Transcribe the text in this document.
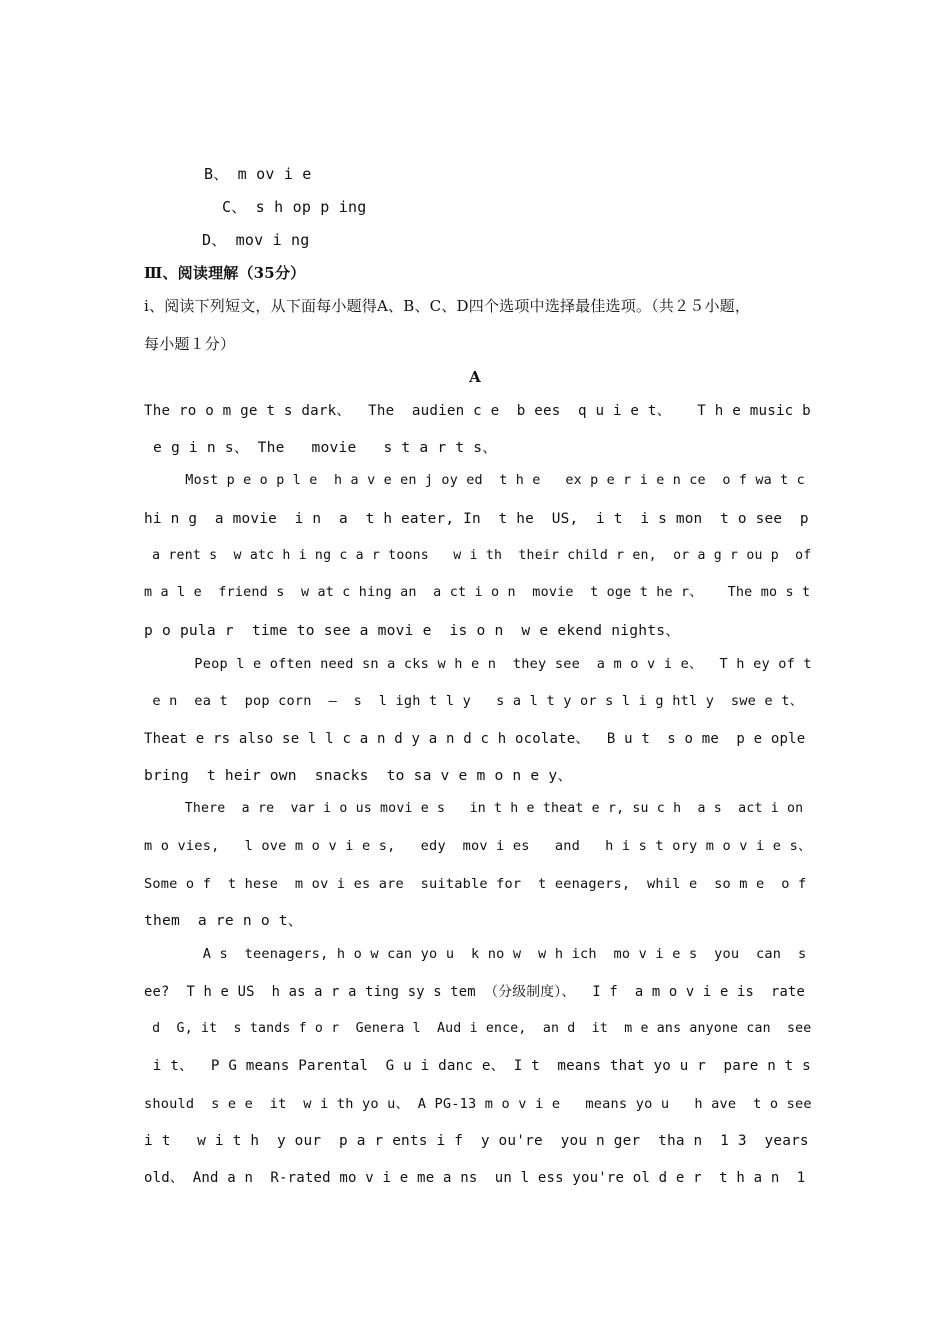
B、 m ov i e
C、 s h op p ing
D、 mov i ng
Ⅲ、阅读理解（35分）
ⅰ、阅读下列短文，从下面每小题得A、B、C、D四个选项中选择最佳选项。（共２５小题，
每小题１分）
A
The ro o m ge t s dark、  The  audien c e  b ees  q u i e t、   T h e music b
e g i n s、 The   movie   s t a r t s、
Most p e o p l e  h a v e en j oy ed  t h e   ex p e r i e n ce  o f wa t c
hi n g  a movie  i n  a  t h eater, In  t he  US,  i t  i s mon  t o see  p
a rent s  w atc h i ng c a r toons   w i th  their child r en,  or a g r ou p  of
m a l e  friend s  w at c hing an  a ct i o n  movie  t oge t he r、   The mo s t
p o pula r  time to see a movi e  is o n  w e ekend nights、
Peop l e often need sn a cks w h e n  they see  a m o v i e、  T h ey of t
e n  ea t  pop corn  —  s  l igh t l y   s a l t y or s l i g htl y  swe e t、
Theat e rs also se l l c a n d y a n d c h ocolate、  B u t  s o me  p e ople
bring  t heir own  snacks  to sa v e m o n e y、
There  a re  var i o us movi e s   in t h e theat e r, su c h  a s  act i on
m o vies,   l ove m o v i e s,   edy  mov i es   and   h i s t ory m o v i e s、
Some o f  t hese  m ov i es are  suitable for  t eenagers,  whil e  so m e  o f
them  a re n o t、
A s  teenagers, h o w can yo u  k no w  w h ich  mo v i e s  you  can  s
ee?  T h e US  h as a r a ting sy s tem （分级制度）、  I f  a m o v i e is  rate
d  G, it  s tands f o r  Genera l  Aud i ence,  an d  it  m e ans anyone can  see
i t、  P G means Parental  G u i danc e、 I t  means that yo u r  pare n t s
should  s e e  it  w i th yo u、 A PG-13 m o v i e   means yo u   h ave  t o see
i t   w i t h  y our  p a r ents i f  y ou're  you n ger  tha n  1 3  years
old、 And a n  R-rated mo v i e me a ns  un l ess you're ol d e r  t h a n  1
